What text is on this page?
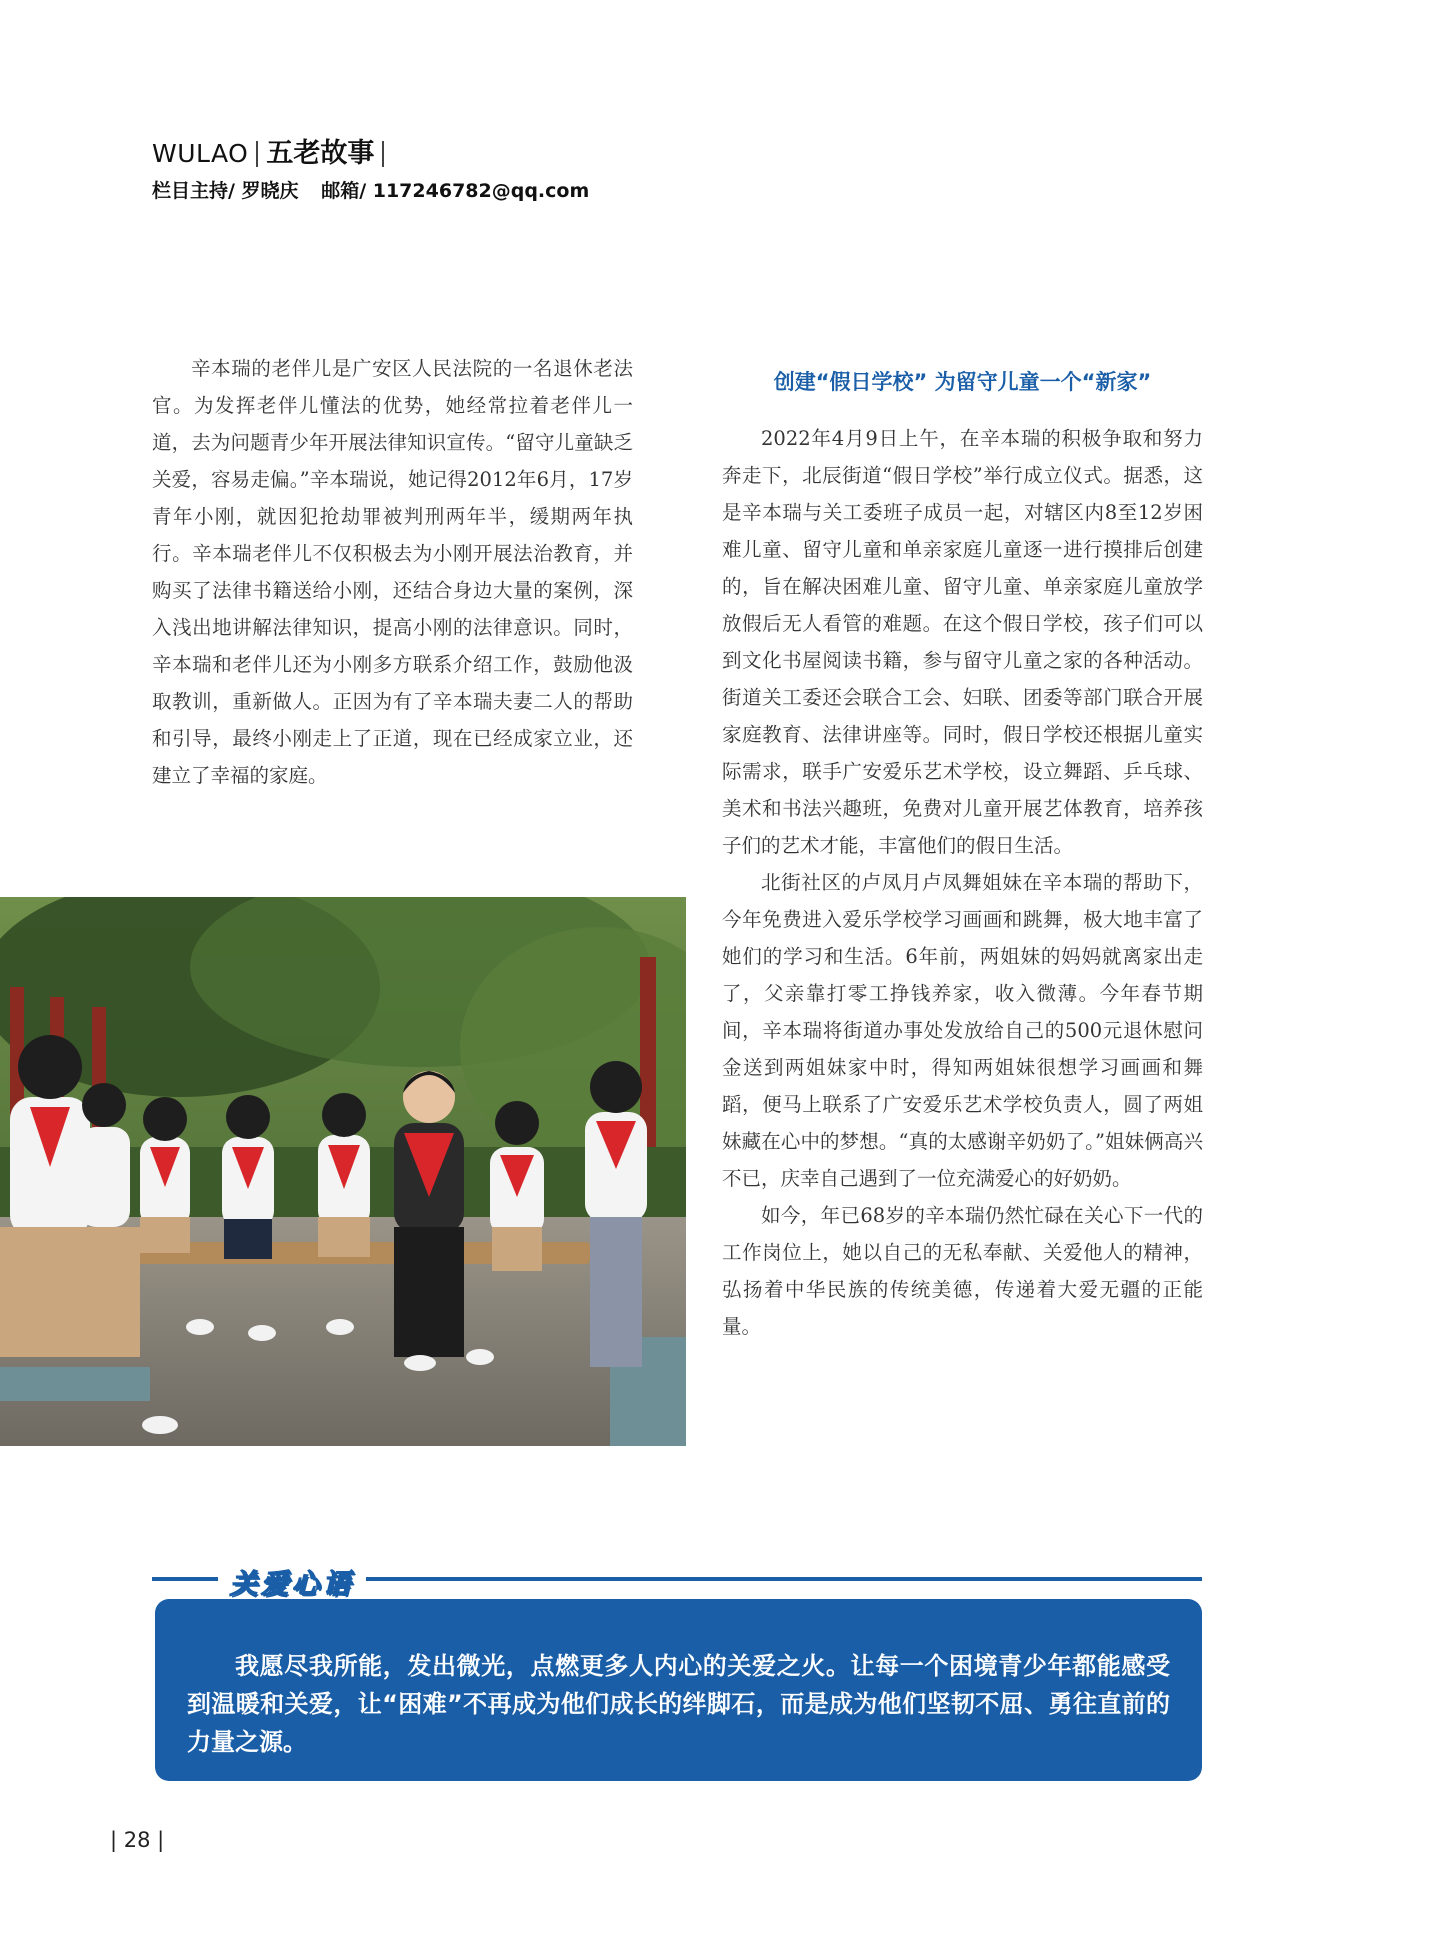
WULAO 五老故事
栏目主持/ 罗晓庆 邮箱/ 117246782@qq.com

辛本瑞的老伴儿是广安区人民法院的一名退休老法官。为发挥老伴儿懂法的优势，她经常拉着老伴儿一道，去为问题青少年开展法律知识宣传。“留守儿童缺乏关爱，容易走偏。”辛本瑞说，她记得2012年6月，17岁青年小刚，就因犯抢劫罪被判刑两年半，缓期两年执行。辛本瑞老伴儿不仅积极去为小刚开展法治教育，并购买了法律书籍送给小刚，还结合身边大量的案例，深入浅出地讲解法律知识，提高小刚的法律意识。同时，辛本瑞和老伴儿还为小刚多方联系介绍工作，鼓励他汲取教训，重新做人。正因为有了辛本瑞夫妻二人的帮助和引导，最终小刚走上了正道，现在已经成家立业，还建立了幸福的家庭。

创建“假日学校” 为留守儿童一个“新家”

2022年4月9日上午，在辛本瑞的积极争取和努力奔走下，北辰街道“假日学校”举行成立仪式。据悉，这是辛本瑞与关工委班子成员一起，对辖区内8至12岁困难儿童、留守儿童和单亲家庭儿童逐一进行摸排后创建的，旨在解决困难儿童、留守儿童、单亲家庭儿童放学放假后无人看管的难题。在这个假日学校，孩子们可以到文化书屋阅读书籍，参与留守儿童之家的各种活动。街道关工委还会联合工会、妇联、团委等部门联合开展家庭教育、法律讲座等。同时，假日学校还根据儿童实际需求，联手广安爱乐艺术学校，设立舞蹈、乒乓球、美术和书法兴趣班，免费对儿童开展艺体教育，培养孩子们的艺术才能，丰富他们的假日生活。

北街社区的卢凤月卢凤舞姐妹在辛本瑞的帮助下，今年免费进入爱乐学校学习画画和跳舞，极大地丰富了她们的学习和生活。6年前，两姐妹的妈妈就离家出走了，父亲靠打零工挣钱养家，收入微薄。今年春节期间，辛本瑞将街道办事处发放给自己的500元退休慰问金送到两姐妹家中时，得知两姐妹很想学习画画和舞蹈，便马上联系了广安爱乐艺术学校负责人，圆了两姐妹藏在心中的梦想。“真的太感谢辛奶奶了。”姐妹俩高兴不已，庆幸自己遇到了一位充满爱心的好奶奶。

如今，年已68岁的辛本瑞仍然忙碌在关心下一代的工作岗位上，她以自己的无私奉献、关爱他人的精神，弘扬着中华民族的传统美德，传递着大爱无疆的正能量。

关爱心语

我愿尽我所能，发出微光，点燃更多人内心的关爱之火。让每一个困境青少年都能感受到温暖和关爱，让“困难”不再成为他们成长的绊脚石，而是成为他们坚韧不屈、勇往直前的力量之源。

| 28 |
